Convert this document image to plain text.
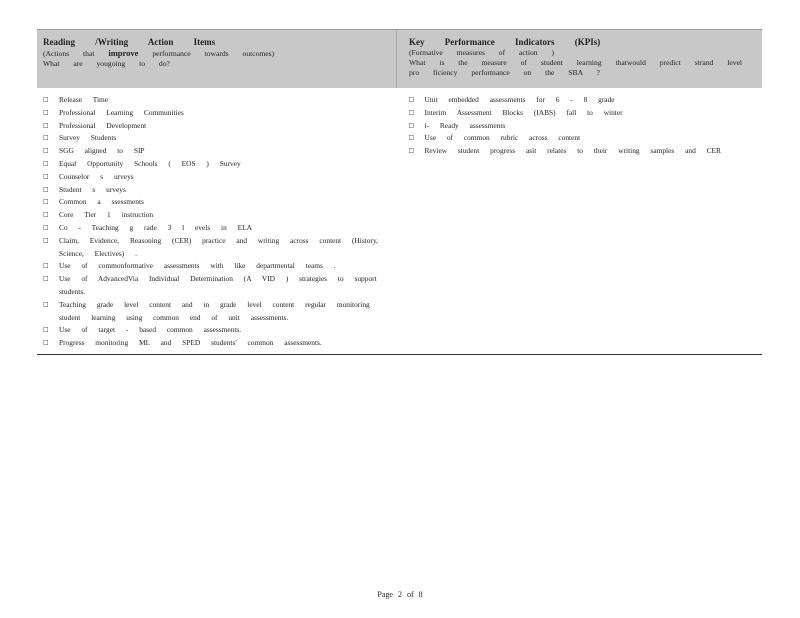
Reading /Writing Action Items
(Actions that improve performance towards outcomes)
What are yougoing to do?
Key Performance Indicators (KPIs)
(Formative measures of action )
What is the measure of student learning thatwould predict strand level
pro ficiency performance on the SBA ?
□	Release Time
□	Professional Learning Communities
□	Professional Development
□	Survey Students
□	SGG aligned to SIP
□	Equal Opportunity Schools ( EOS ) Survey
□	Counselor s urveys
□	Student s urveys
□	Common a ssessments
□	Core Tier 1 instruction
□	Co - Teaching g rade 3 l evels in ELA
□	Claim, Evidence, Reasoning (CER) practice and writing across content (History, Science, Electives) .
□	Use of commonformative assessments with like departmental teams .
□	Use of AdvancedVia Individual Determination (A VID ) strategies to support students.
□	Teaching grade level content and in grade level content regular monitoring student learning using common end of unit assessments.
□	Use of target - based common assessments.
□	Progress monitoring ML and SPED students' common assessments.
□	Unit embedded assessments for 6 - 8 grade
□	Interim Assessment Blocks (IABS) fall to winter
□	i- Ready assessments
□	Use of common rubric across content
□	Review student progress asit relates to their writing samples and CER
Page 2 of 8
